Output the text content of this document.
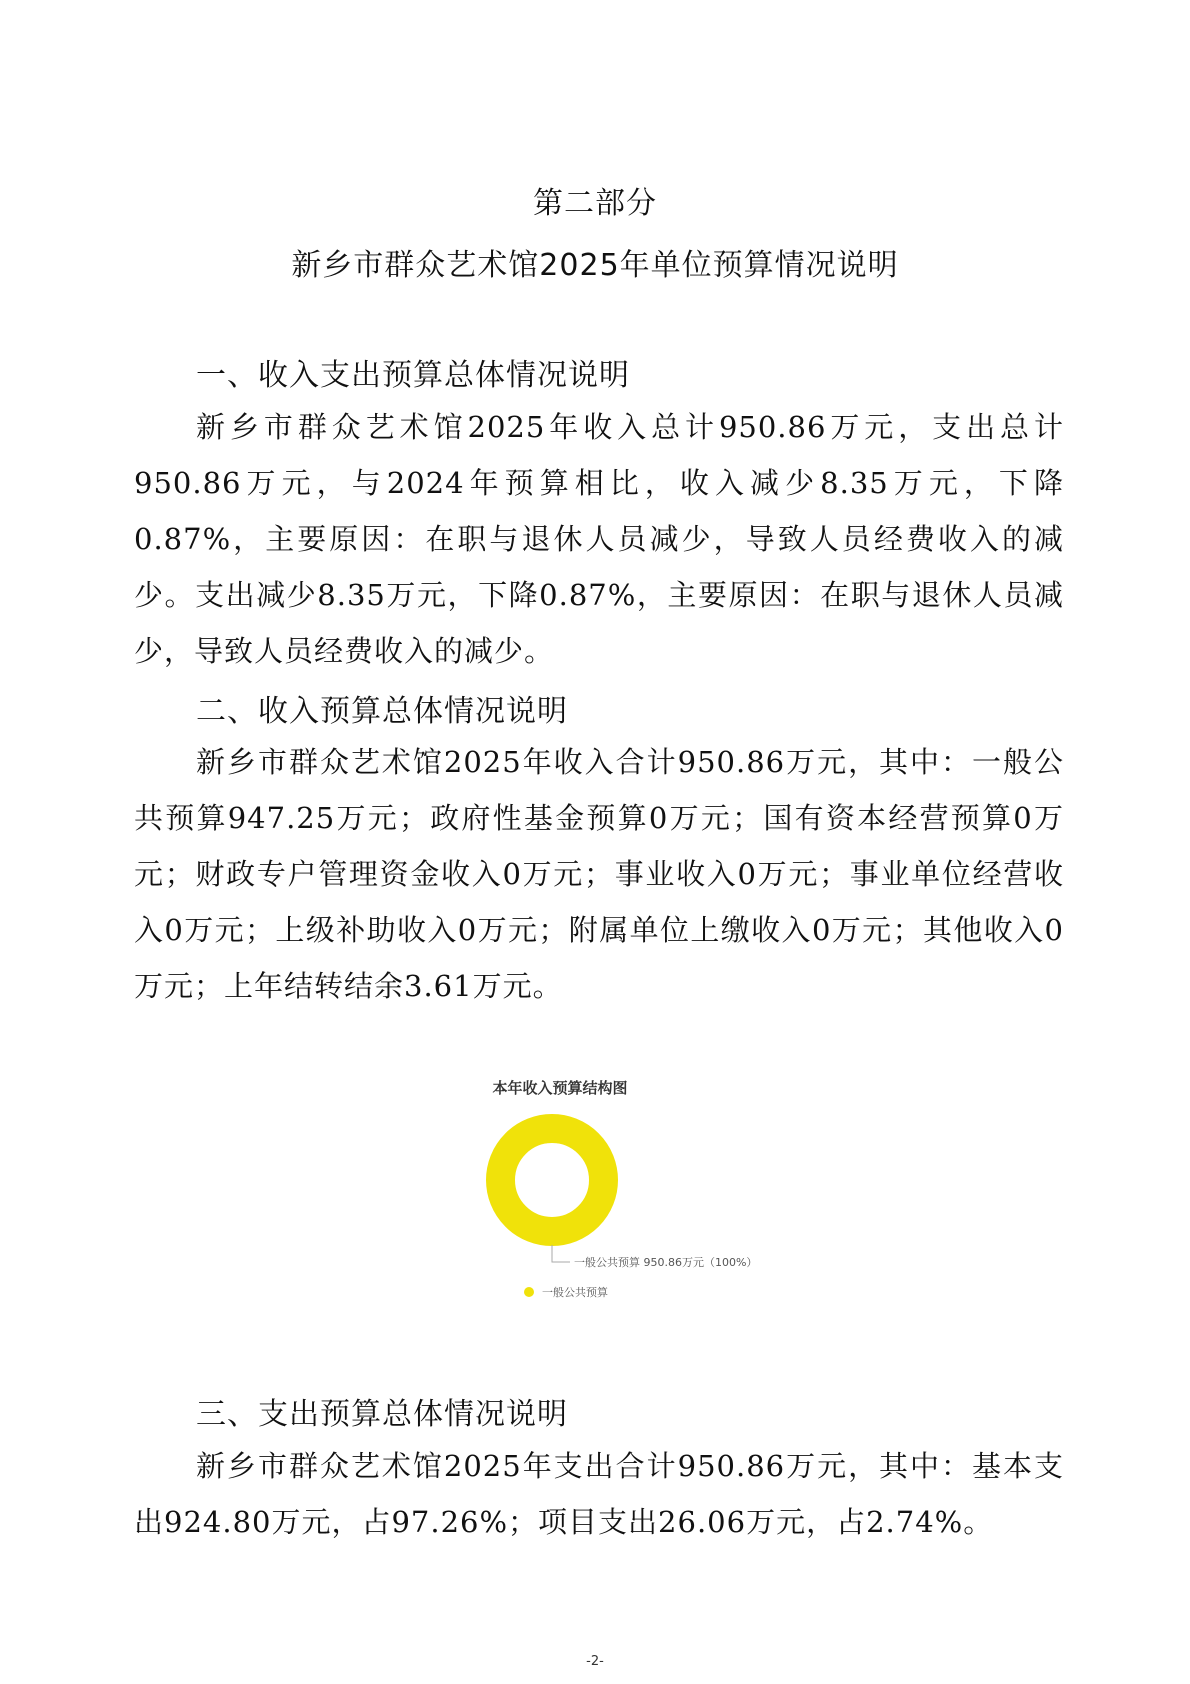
第二部分
新乡市群众艺术馆2025年单位预算情况说明
一、收入支出预算总体情况说明
新乡市群众艺术馆2025年收入总计950.86万元，支出总计950.86万元，与2024年预算相比，收入减少8.35万元，下降0.87%，主要原因：在职与退休人员减少，导致人员经费收入的减少。支出减少8.35万元，下降0.87%，主要原因：在职与退休人员减少，导致人员经费收入的减少。
二、收入预算总体情况说明
新乡市群众艺术馆2025年收入合计950.86万元，其中：一般公共预算947.25万元；政府性基金预算0万元；国有资本经营预算0万元；财政专户管理资金收入0万元；事业收入0万元；事业单位经营收入0万元；上级补助收入0万元；附属单位上缴收入0万元；其他收入0万元；上年结转结余3.61万元。
本年收入预算结构图
一般公共预算 950.86万元（100%）
一般公共预算
三、支出预算总体情况说明
新乡市群众艺术馆2025年支出合计950.86万元，其中：基本支出924.80万元，占97.26%；项目支出26.06万元，占2.74%。
-2-
